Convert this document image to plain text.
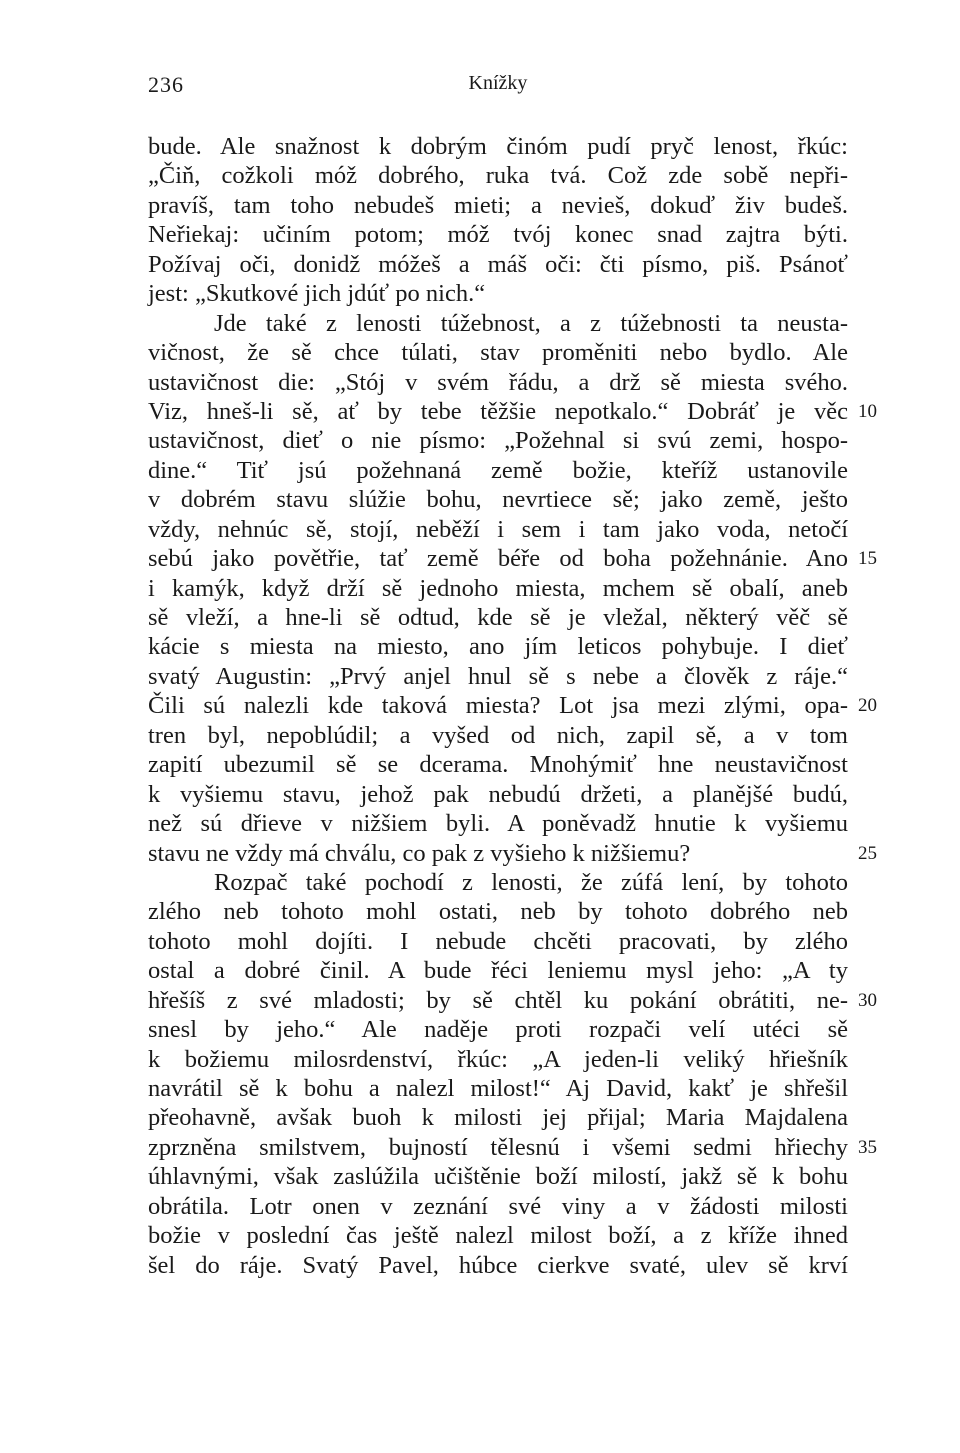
236	Knížky
bude. Ale snažnost k dobrým činóm pudí pryč lenost, řkúc:
„Čiň, cožkoli móž dobrého, ruka tvá. Což zde sobě nepři-
pravíš, tam toho nebudeš mieti; a nevieš, dokuď živ budeš.
Neřiekaj: učiním potom; móž tvój konec snad zajtra býti.
Požívaj oči, donidž móžeš a máš oči: čti písmo, piš. Psánoť
jest: „Skutkové jich jdúť po nich.“
Jde také z lenosti túžebnost, a z túžebnosti ta neusta-
vičnost, že sě chce túlati, stav proměniti nebo bydlo. Ale
ustavičnost die: „Stój v svém řádu, a drž sě miesta svého.
Viz, hneš-li sě, ať by tebe těžšie nepotkalo.“ Dobráť je věc 10
ustavičnost, dieť o nie písmo: „Požehnal si svú zemi, hospo-
dine.“ Tiť jsú požehnaná země božie, kteříž ustanovile
v dobrém stavu slúžie bohu, nevrtiece sě; jako země, ješto
vždy, nehnúc sě, stojí, neběží i sem i tam jako voda, netočí
sebú jako povětřie, tať země béře od boha požehnánie. Ano 15
i kamýk, když drží sě jednoho miesta, mchem sě obalí, aneb
sě vleží, a hne-li sě odtud, kde sě je vležal, některý věč sě
kácie s miesta na miesto, ano jím leticos pohybuje. I dieť
svatý Augustin: „Prvý anjel hnul sě s nebe a člověk z ráje.“
Čili sú nalezli kde taková miesta? Lot jsa mezi zlými, opa- 20
tren byl, nepoblúdil; a vyšed od nich, zapil sě, a v tom
zapití ubezumil sě se dcerama. Mnohýmiť hne neustavičnost
k vyšiemu stavu, jehož pak nebudú držeti, a planějšé budú,
než sú dřieve v nižšiem byli. A poněvadž hnutie k vyšiemu
stavu ne vždy má chválu, co pak z vyšieho k nižšiemu?	25
Rozpač také pochodí z lenosti, že zúfá lení, by tohoto
zlého neb tohoto mohl ostati, neb by tohoto dobrého neb
tohoto mohl dojíti. I nebude chcěti pracovati, by zlého
ostal a dobré činil. A bude řéci leniemu mysl jeho: „A ty
hřešíš z své mladosti; by sě chtěl ku pokání obrátiti, ne- 30
snesl by jeho.“ Ale naděje proti rozpači velí utéci sě
k božiemu milosrdenství, řkúc: „A jeden-li veliký hřiešník
navrátil sě k bohu a nalezl milost!“ Aj David, kakť je shřešil
přeohavně, avšak buoh k milosti jej přijal; Maria Majdalena
zprzněna smilstvem, bujností tělesnú i všemi sedmi hřiechy 35
úhlavnými, však zaslúžila učištěnie boží milostí, jakž sě k bohu
obrátila. Lotr onen v zeznání své viny a v žádosti milosti
božie v poslední čas ještě nalezl milost boží, a z kříže ihned
šel do ráje. Svatý Pavel, húbce cierkve svaté, ulev sě krví
